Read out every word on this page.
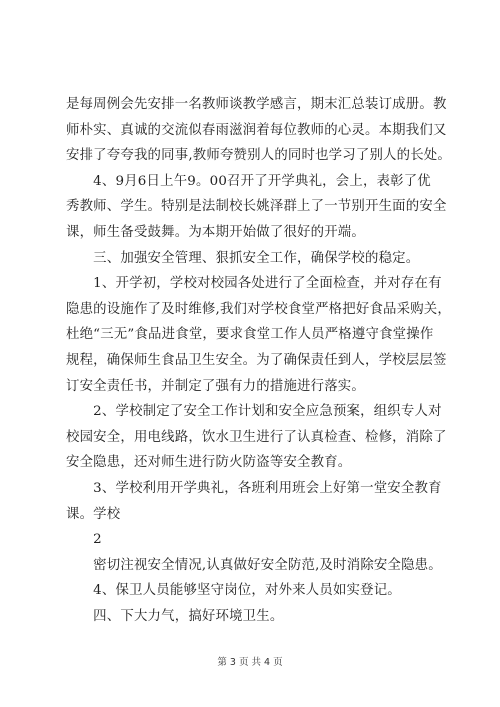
是每周例会先安排一名教师谈教学感言，期末汇总装订成册。教
师朴实、真诚的交流似春雨滋润着每位教师的心灵。本期我们又
安排了夸夸我的同事,教师夸赞别人的同时也学习了别人的长处。
　　4、9月6日上午9。00召开了开学典礼，会上，表彰了优
秀教师、学生。特别是法制校长姚泽群上了一节别开生面的安全
课，师生备受鼓舞。为本期开始做了很好的开端。
　　三、加强安全管理、狠抓安全工作，确保学校的稳定。
　　1、开学初，学校对校园各处进行了全面检查，并对存在有
隐患的设施作了及时维修,我们对学校食堂严格把好食品采购关，
杜绝“三无”食品进食堂，要求食堂工作人员严格遵守食堂操作
规程，确保师生食品卫生安全。为了确保责任到人，学校层层签
订安全责任书，并制定了强有力的措施进行落实。
　　2、学校制定了安全工作计划和安全应急预案，组织专人对
校园安全，用电线路，饮水卫生进行了认真检查、检修，消除了
安全隐患，还对师生进行防火防盗等安全教育。
　　3、学校利用开学典礼，各班利用班会上好第一堂安全教育
课。学校
　　2
　　密切注视安全情况,认真做好安全防范,及时消除安全隐患。
　　4、保卫人员能够坚守岗位，对外来人员如实登记。
　　四、下大力气，搞好环境卫生。
第 3 页 共 4 页
